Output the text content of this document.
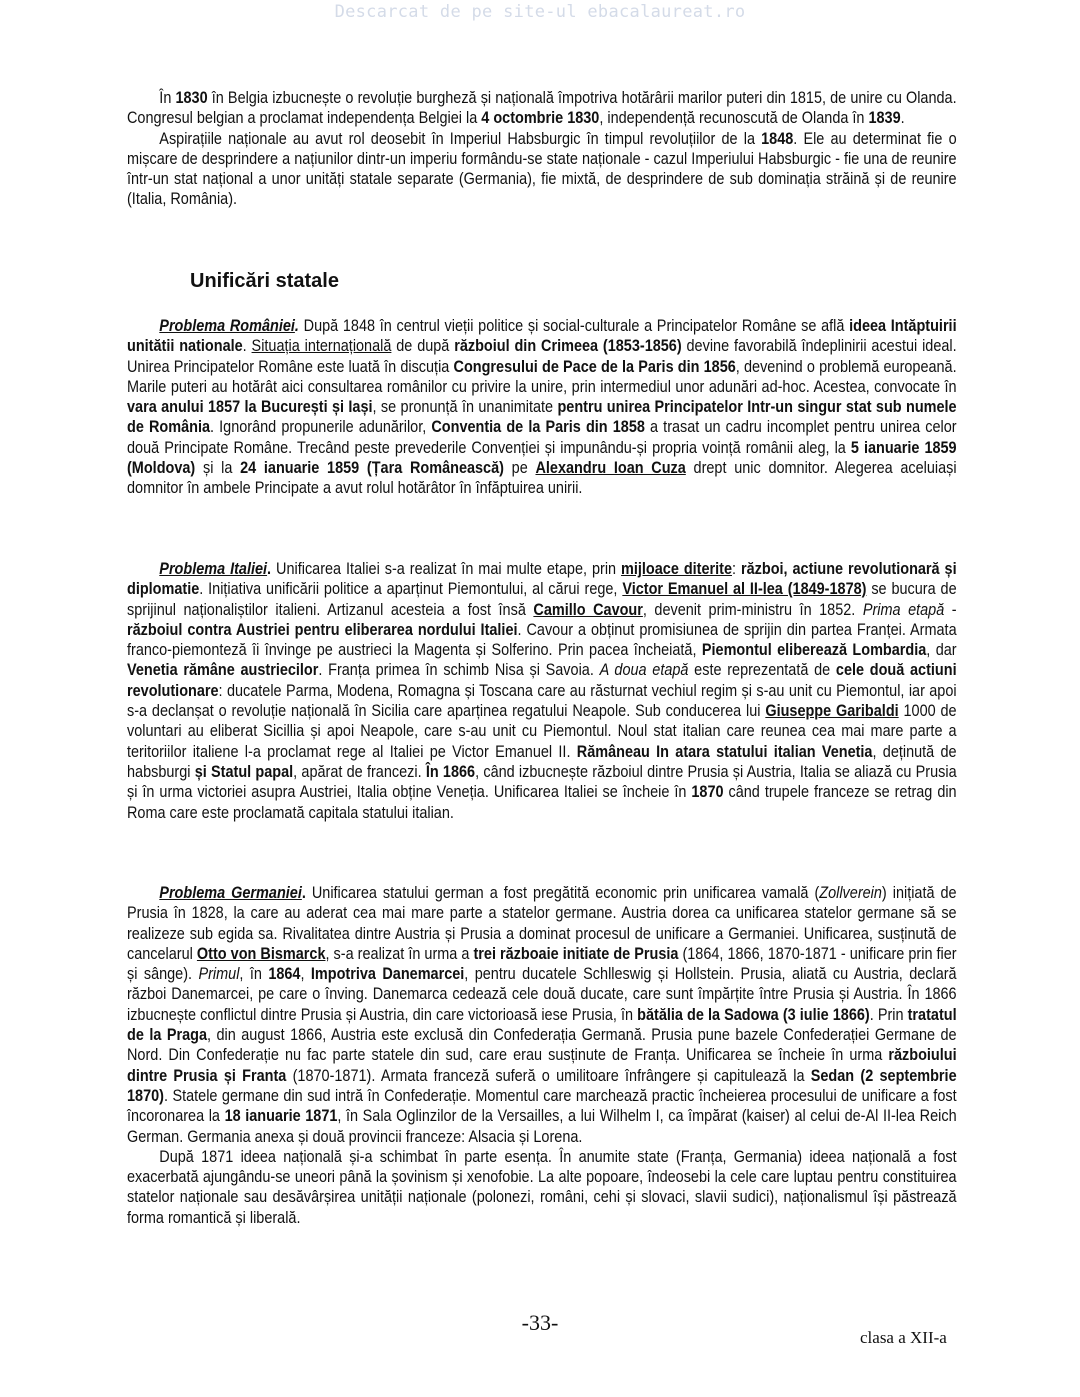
Descarcat de pe site-ul ebacalaureat.ro

În 1830 în Belgia izbucnește o revoluție burgheză și națională împotriva hotărârii marilor puteri din 1815, de unire cu Olanda. Congresul belgian a proclamat independența Belgiei la 4 octombrie 1830, independență recunoscută de Olanda în 1839.

Aspirațiile naționale au avut rol deosebit în Imperiul Habsburgic în timpul revoluțiilor de la 1848. Ele au determinat fie o mișcare de desprindere a națiunilor dintr-un imperiu formându-se state naționale - cazul Imperiului Habsburgic - fie una de reunire într-un stat național a unor unități statale separate (Germania), fie mixtă, de desprindere de sub dominația străină și de reunire (Italia, România).

Unificări statale

Problema României. După 1848 în centrul vieții politice și social-culturale a Principatelor Române se află ideea Intăptuirii unitătii nationale. Situația internațională de după războiul din Crimeea (1853-1856) devine favorabilă îndeplinirii acestui ideal. Unirea Principatelor Române este luată în discuția Congresului de Pace de la Paris din 1856, devenind o problemă europeană. Marile puteri au hotărât aici consultarea românilor cu privire la unire, prin intermediul unor adunări ad-hoc. Acestea, convocate în vara anului 1857 la București și Iași, se pronunță în unanimitate pentru unirea Principatelor Intr-un singur stat sub numele de România. Ignorând propunerile adunărilor, Conventia de la Paris din 1858 a trasat un cadru incomplet pentru unirea celor două Principate Române. Trecând peste prevederile Convenției și impunându-și propria voință românii aleg, la 5 ianuarie 1859 (Moldova) și la 24 ianuarie 1859 (Țara Românească) pe Alexandru Ioan Cuza drept unic domnitor. Alegerea aceluiași domnitor în ambele Principate a avut rolul hotărâtor în înfăptuirea unirii.

Problema Italiei. Unificarea Italiei s-a realizat în mai multe etape, prin mijloace diterite: război, actiune revolutionară și diplomatie. Inițiativa unificării politice a aparținut Piemontului, al cărui rege, Victor Emanuel al II-lea (1849-1878) se bucura de sprijinul naționaliștilor italieni. Artizanul acesteia a fost însă Camillo Cavour, devenit prim-ministru în 1852. Prima etapă - războiul contra Austriei pentru eliberarea nordului Italiei. Cavour a obținut promisiunea de sprijin din partea Franței. Armata franco-piemonteză îi învinge pe austrieci la Magenta și Solferino. Prin pacea încheiată, Piemontul eliberează Lombardia, dar Venetia rămâne austriecilor. Franța primea în schimb Nisa și Savoia. A doua etapă este reprezentată de cele două actiuni revolutionare: ducatele Parma, Modena, Romagna și Toscana care au răsturnat vechiul regim și s-au unit cu Piemontul, iar apoi s-a declanșat o revoluție națională în Sicilia care aparținea regatului Neapole. Sub conducerea lui Giuseppe Garibaldi 1000 de voluntari au eliberat Sicillia și apoi Neapole, care s-au unit cu Piemontul. Noul stat italian care reunea cea mai mare parte a teritoriilor italiene l-a proclamat rege al Italiei pe Victor Emanuel II. Rămâneau In atara statului italian Venetia, deținută de habsburgi și Statul papal, apărat de francezi. În 1866, când izbucnește războiul dintre Prusia și Austria, Italia se aliază cu Prusia și în urma victoriei asupra Austriei, Italia obține Veneția. Unificarea Italiei se încheie în 1870 când trupele franceze se retrag din Roma care este proclamată capitala statului italian.

Problema Germaniei. Unificarea statului german a fost pregătită economic prin unificarea vamală (Zollverein) inițiată de Prusia în 1828, la care au aderat cea mai mare parte a statelor germane. Austria dorea ca unificarea statelor germane să se realizeze sub egida sa. Rivalitatea dintre Austria și Prusia a dominat procesul de unificare a Germaniei. Unificarea, susținută de cancelarul Otto von Bismarck, s-a realizat în urma a trei războaie initiate de Prusia (1864, 1866, 1870-1871 - unificare prin fier și sânge). Primul, în 1864, Impotriva Danemarcei, pentru ducatele Schlleswig și Hollstein. Prusia, aliată cu Austria, declară război Danemarcei, pe care o înving. Danemarca cedează cele două ducate, care sunt împărțite între Prusia și Austria. În 1866 izbucnește conflictul dintre Prusia și Austria, din care victorioasă iese Prusia, în bătălia de la Sadowa (3 iulie 1866). Prin tratatul de la Praga, din august 1866, Austria este exclusă din Confederația Germană. Prusia pune bazele Confederației Germane de Nord. Din Confederație nu fac parte statele din sud, care erau susținute de Franța. Unificarea se încheie în urma războiului dintre Prusia și Franta (1870-1871). Armata franceză suferă o umilitoare înfrângere și capitulează la Sedan (2 septembrie 1870). Statele germane din sud intră în Confederație. Momentul care marchează practic încheierea procesului de unificare a fost încoronarea la 18 ianuarie 1871, în Sala Oglinzilor de la Versailles, a lui Wilhelm I, ca împărat (kaiser) al celui de-Al II-lea Reich German. Germania anexa și două provincii franceze: Alsacia și Lorena.

După 1871 ideea națională și-a schimbat în parte esența. În anumite state (Franța, Germania) ideea națională a fost exacerbată ajungându-se uneori până la șovinism și xenofobie. La alte popoare, îndeosebi la cele care luptau pentru constituirea statelor naționale sau desăvârșirea unității naționale (polonezi, români, cehi și slovaci, slavii sudici), naționalismul își păstrează forma romantică și liberală.

-33-
clasa a XII-a
